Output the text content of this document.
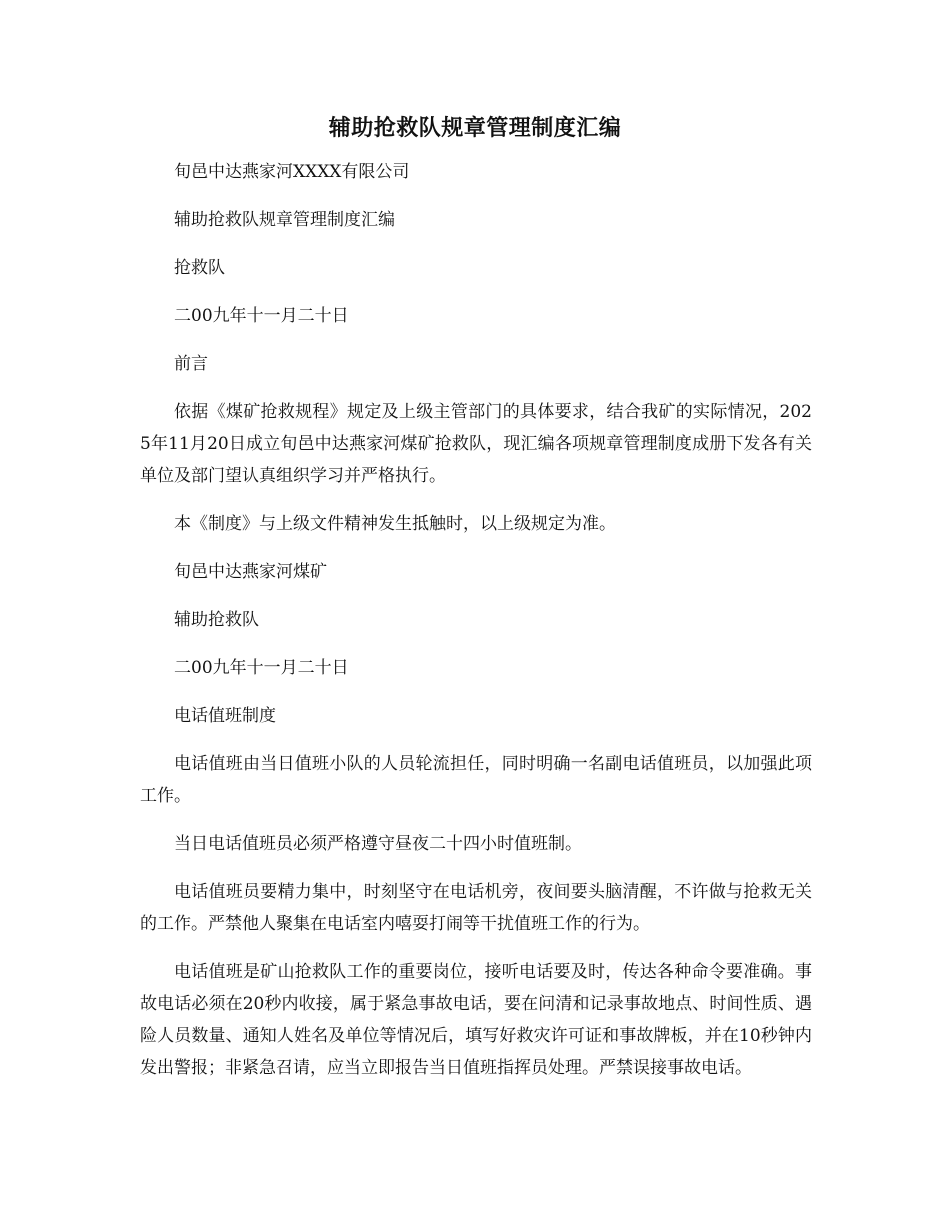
辅助抢救队规章管理制度汇编

旬邑中达燕家河XXXX有限公司

辅助抢救队规章管理制度汇编

抢救队

二00九年十一月二十日

前言

依据《煤矿抢救规程》规定及上级主管部门的具体要求，结合我矿的实际情况，2025年11月20日成立旬邑中达燕家河煤矿抢救队，现汇编各项规章管理制度成册下发各有关单位及部门望认真组织学习并严格执行。

本《制度》与上级文件精神发生抵触时，以上级规定为准。

旬邑中达燕家河煤矿

辅助抢救队

二00九年十一月二十日

电话值班制度

电话值班由当日值班小队的人员轮流担任，同时明确一名副电话值班员，以加强此项工作。

当日电话值班员必须严格遵守昼夜二十四小时值班制。

电话值班员要精力集中，时刻坚守在电话机旁，夜间要头脑清醒，不许做与抢救无关的工作。严禁他人聚集在电话室内嘻耍打闹等干扰值班工作的行为。

电话值班是矿山抢救队工作的重要岗位，接听电话要及时，传达各种命令要准确。事故电话必须在20秒内收接，属于紧急事故电话，要在问清和记录事故地点、时间性质、遇险人员数量、通知人姓名及单位等情况后，填写好救灾许可证和事故牌板，并在10秒钟内发出警报；非紧急召请，应当立即报告当日值班指挥员处理。严禁误接事故电话。
